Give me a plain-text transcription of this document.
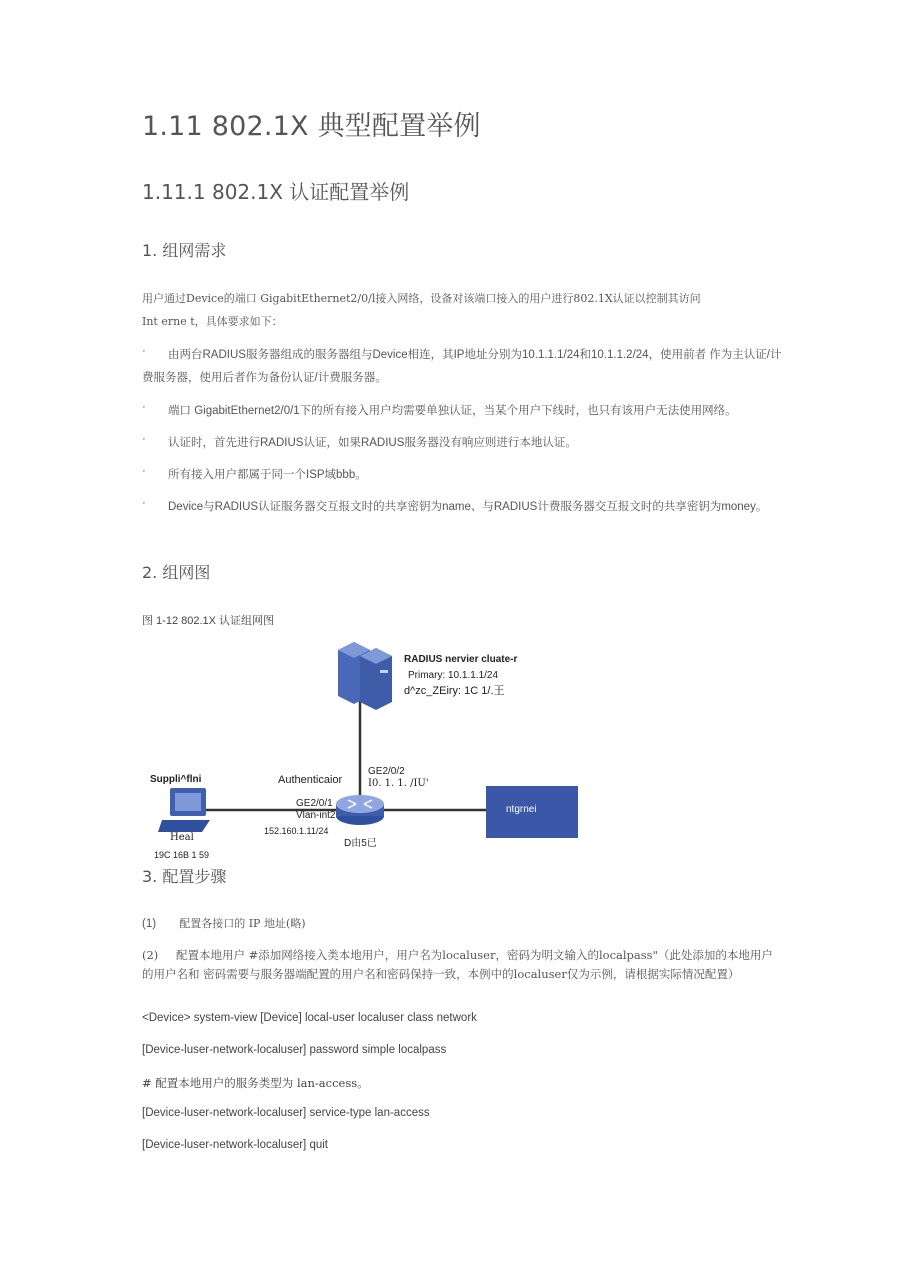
1.11 802.1X 典型配置举例
1.11.1 802.1X 认证配置举例
1. 组网需求
用户通过Device的端口 GigabitEthernet2/0/l接入网络，设备对该端口接入的用户进行802.1X认证以控制其访问
Int erne t，具体要求如下：
·	由两台RADIUS服务器组成的服务器组与Device相连，其IP地址分别为10.1.1.1/24和10.1.1.2/24，使用前者 作为主认证/计费服务器，使用后者作为备份认证/计费服务器。
·	端口 GigabitEthernet2/0/1下的所有接入用户均需要单独认证，当某个用户下线时，也只有该用户无法使用网络。
·	认证时，首先进行RADIUS认证，如果RADIUS服务器没有响应则进行本地认证。
·	所有接入用户都属于同一个ISP域bbb。
·	Device与RADIUS认证服务器交互报文时的共享密钥为name、与RADIUS计费服务器交互报文时的共享密钥为money。
2. 组网图
图 1-12 802.1X 认证组网图
RADIUS nervier cluate-r
Primary: 10.1.1.1/24
d^zc_ZEiry: 1C 1/.王
Suppli^flni	Authenticaior
GE2/0/2
I0. 1. 1. /IU'
GE2/0/1
Vlan-int2
152.160.1.11/24
Heal
19C 16B 1 59
D由5已
ntgrnei
3. 配置步骤
(1) 配置各接口的 IP 地址(略)
(2) 配置本地用户 #添加网络接入类本地用户，用户名为localuser，密码为明文输入的localpass"（此处添加的本地用户的用户名和 密码需要与服务器端配置的用户名和密码保持一致，本例中的localuser仅为示例，请根据实际情况配置）
<Device> system-view [Device] local-user localuser class network
[Device-luser-network-localuser] password simple localpass
# 配置本地用户的服务类型为 lan-access。
[Device-luser-network-localuser] service-type lan-access
[Device-luser-network-localuser] quit
